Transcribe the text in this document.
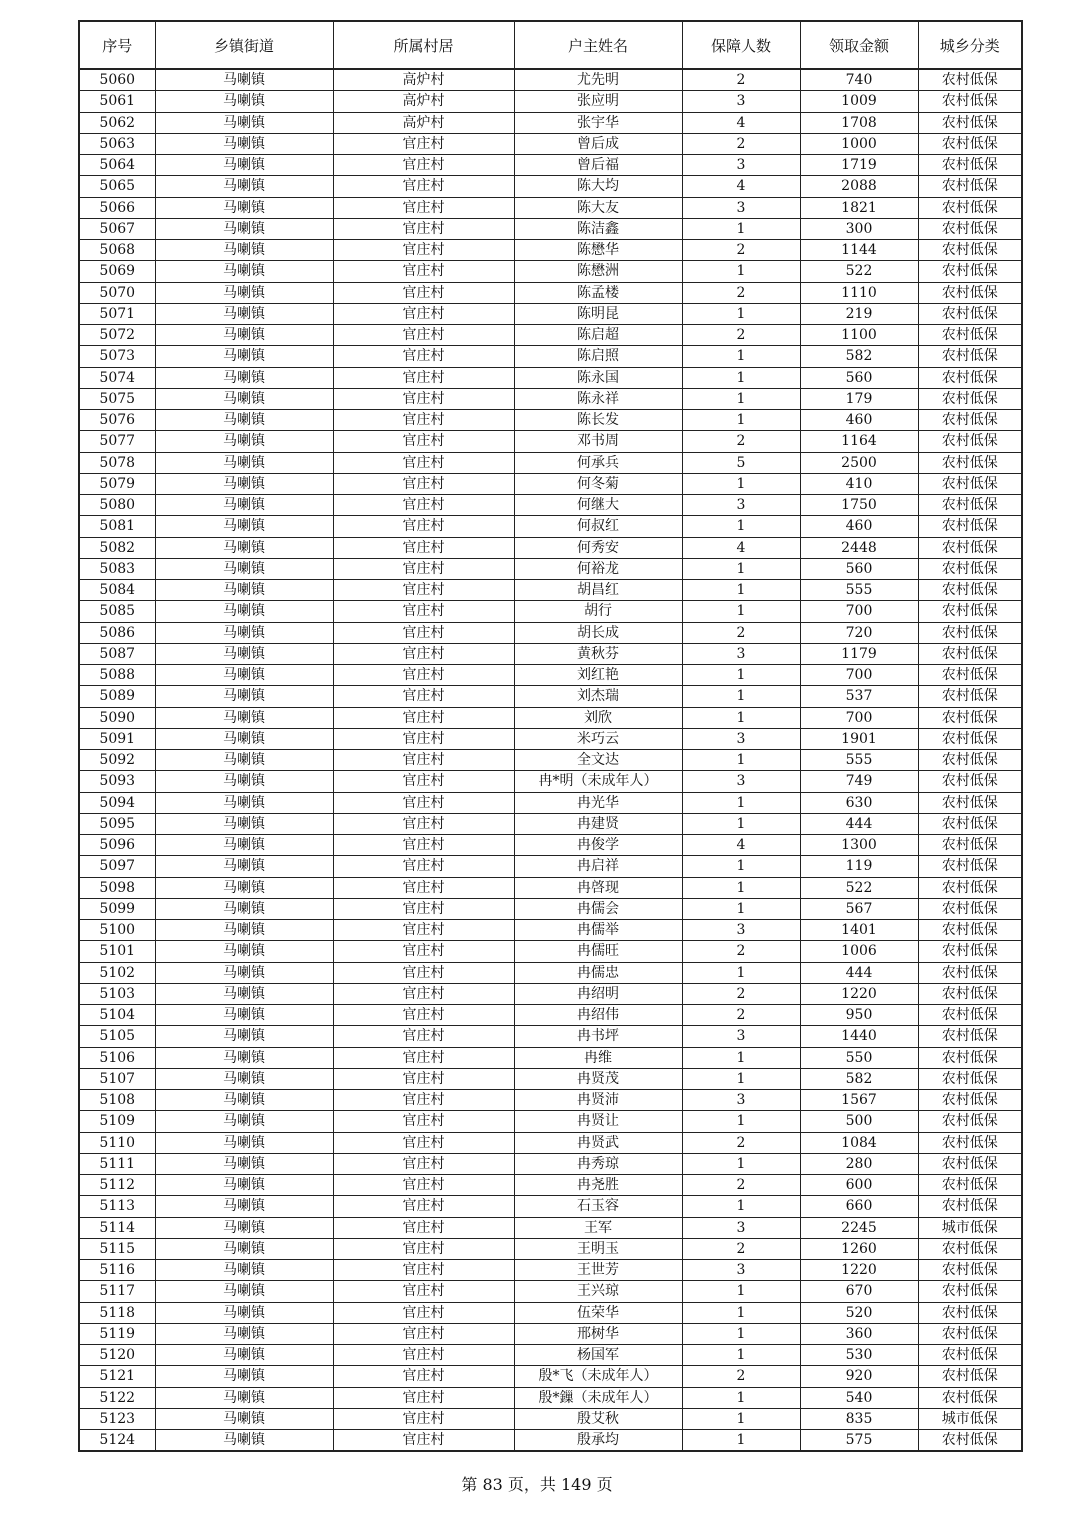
序号	乡镇街道	所属村居	户主姓名	保障人数	领取金额	城乡分类
5060	马喇镇	高炉村	尤先明	2	740	农村低保
5061	马喇镇	高炉村	张应明	3	1009	农村低保
5062	马喇镇	高炉村	张宇华	4	1708	农村低保
5063	马喇镇	官庄村	曾后成	2	1000	农村低保
5064	马喇镇	官庄村	曾后福	3	1719	农村低保
5065	马喇镇	官庄村	陈大均	4	2088	农村低保
5066	马喇镇	官庄村	陈大友	3	1821	农村低保
5067	马喇镇	官庄村	陈洁鑫	1	300	农村低保
5068	马喇镇	官庄村	陈懋华	2	1144	农村低保
5069	马喇镇	官庄村	陈懋洲	1	522	农村低保
5070	马喇镇	官庄村	陈孟楼	2	1110	农村低保
5071	马喇镇	官庄村	陈明昆	1	219	农村低保
5072	马喇镇	官庄村	陈启超	2	1100	农村低保
5073	马喇镇	官庄村	陈启照	1	582	农村低保
5074	马喇镇	官庄村	陈永国	1	560	农村低保
5075	马喇镇	官庄村	陈永祥	1	179	农村低保
5076	马喇镇	官庄村	陈长发	1	460	农村低保
5077	马喇镇	官庄村	邓书周	2	1164	农村低保
5078	马喇镇	官庄村	何承兵	5	2500	农村低保
5079	马喇镇	官庄村	何冬菊	1	410	农村低保
5080	马喇镇	官庄村	何继大	3	1750	农村低保
5081	马喇镇	官庄村	何叔红	1	460	农村低保
5082	马喇镇	官庄村	何秀安	4	2448	农村低保
5083	马喇镇	官庄村	何裕龙	1	560	农村低保
5084	马喇镇	官庄村	胡昌红	1	555	农村低保
5085	马喇镇	官庄村	胡行	1	700	农村低保
5086	马喇镇	官庄村	胡长成	2	720	农村低保
5087	马喇镇	官庄村	黄秋芬	3	1179	农村低保
5088	马喇镇	官庄村	刘红艳	1	700	农村低保
5089	马喇镇	官庄村	刘杰瑞	1	537	农村低保
5090	马喇镇	官庄村	刘欣	1	700	农村低保
5091	马喇镇	官庄村	米巧云	3	1901	农村低保
5092	马喇镇	官庄村	全文达	1	555	农村低保
5093	马喇镇	官庄村	冉*明（未成年人）	3	749	农村低保
5094	马喇镇	官庄村	冉光华	1	630	农村低保
5095	马喇镇	官庄村	冉建贤	1	444	农村低保
5096	马喇镇	官庄村	冉俊学	4	1300	农村低保
5097	马喇镇	官庄村	冉启祥	1	119	农村低保
5098	马喇镇	官庄村	冉啓现	1	522	农村低保
5099	马喇镇	官庄村	冉儒会	1	567	农村低保
5100	马喇镇	官庄村	冉儒举	3	1401	农村低保
5101	马喇镇	官庄村	冉儒旺	2	1006	农村低保
5102	马喇镇	官庄村	冉儒忠	1	444	农村低保
5103	马喇镇	官庄村	冉绍明	2	1220	农村低保
5104	马喇镇	官庄村	冉绍伟	2	950	农村低保
5105	马喇镇	官庄村	冉书坪	3	1440	农村低保
5106	马喇镇	官庄村	冉维	1	550	农村低保
5107	马喇镇	官庄村	冉贤茂	1	582	农村低保
5108	马喇镇	官庄村	冉贤沛	3	1567	农村低保
5109	马喇镇	官庄村	冉贤让	1	500	农村低保
5110	马喇镇	官庄村	冉贤武	2	1084	农村低保
5111	马喇镇	官庄村	冉秀琼	1	280	农村低保
5112	马喇镇	官庄村	冉尧胜	2	600	农村低保
5113	马喇镇	官庄村	石玉容	1	660	农村低保
5114	马喇镇	官庄村	王军	3	2245	城市低保
5115	马喇镇	官庄村	王明玉	2	1260	农村低保
5116	马喇镇	官庄村	王世芳	3	1220	农村低保
5117	马喇镇	官庄村	王兴琼	1	670	农村低保
5118	马喇镇	官庄村	伍荣华	1	520	农村低保
5119	马喇镇	官庄村	邢树华	1	360	农村低保
5120	马喇镇	官庄村	杨国军	1	530	农村低保
5121	马喇镇	官庄村	殷*飞（未成年人）	2	920	农村低保
5122	马喇镇	官庄村	殷*鏁（未成年人）	1	540	农村低保
5123	马喇镇	官庄村	殷艾秋	1	835	城市低保
5124	马喇镇	官庄村	殷承均	1	575	农村低保
第 83 页，共 149 页
